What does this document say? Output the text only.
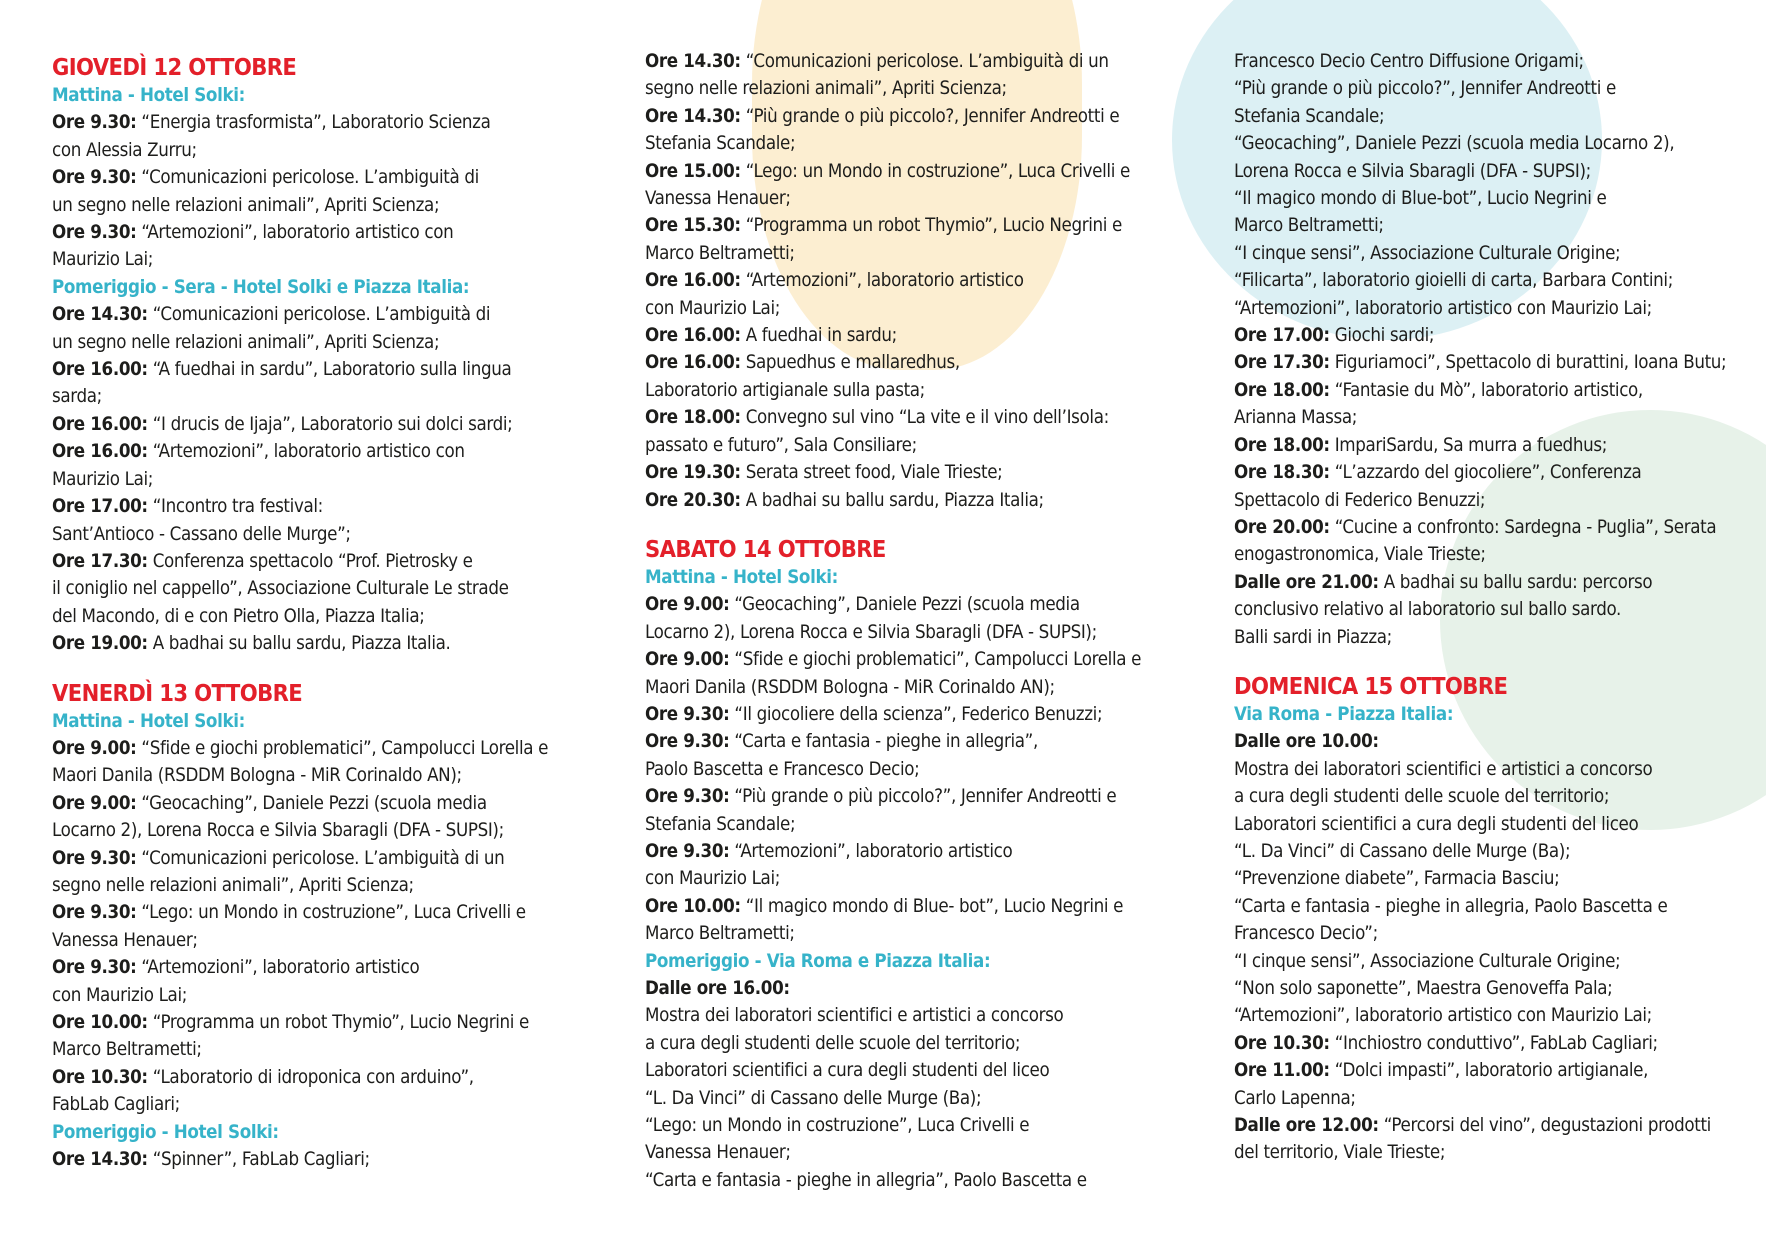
GIOVEDÌ 12 OTTOBRE
Mattina - Hotel Solki:
Ore 9.30: “Energia trasformista”, Laboratorio Scienza
con Alessia Zurru;
Ore 9.30: “Comunicazioni pericolose. L’ambiguità di
un segno nelle relazioni animali”, Apriti Scienza;
Ore 9.30: “Artemozioni”, laboratorio artistico con
Maurizio Lai;
Pomeriggio - Sera - Hotel Solki e Piazza Italia:
Ore 14.30: “Comunicazioni pericolose. L’ambiguità di
un segno nelle relazioni animali”, Apriti Scienza;
Ore 16.00: “A fuedhai in sardu”, Laboratorio sulla lingua
sarda;
Ore 16.00: “I drucis de Ijaja”, Laboratorio sui dolci sardi;
Ore 16.00: “Artemozioni”, laboratorio artistico con
Maurizio Lai;
Ore 17.00: “Incontro tra festival:
Sant’Antioco - Cassano delle Murge”;
Ore 17.30: Conferenza spettacolo “Prof. Pietrosky e
il coniglio nel cappello”, Associazione Culturale Le strade
del Macondo, di e con Pietro Olla, Piazza Italia;
Ore 19.00: A badhai su ballu sardu, Piazza Italia.
VENERDÌ 13 OTTOBRE
Mattina - Hotel Solki:
Ore 9.00: “Sfide e giochi problematici”, Campolucci Lorella e
Maori Danila (RSDDM Bologna - MiR Corinaldo AN);
Ore 9.00: “Geocaching”, Daniele Pezzi (scuola media
Locarno 2), Lorena Rocca e Silvia Sbaragli (DFA - SUPSI);
Ore 9.30: “Comunicazioni pericolose. L’ambiguità di un
segno nelle relazioni animali”, Apriti Scienza;
Ore 9.30: “Lego: un Mondo in costruzione”, Luca Crivelli e
Vanessa Henauer;
Ore 9.30: “Artemozioni”, laboratorio artistico
con Maurizio Lai;
Ore 10.00: “Programma un robot Thymio”, Lucio Negrini e
Marco Beltrametti;
Ore 10.30: “Laboratorio di idroponica con arduino”,
FabLab Cagliari;
Pomeriggio - Hotel Solki:
Ore 14.30: “Spinner”, FabLab Cagliari;
Ore 14.30: “Comunicazioni pericolose. L’ambiguità di un
segno nelle relazioni animali”, Apriti Scienza;
Ore 14.30: “Più grande o più piccolo?, Jennifer Andreotti e
Stefania Scandale;
Ore 15.00: “Lego: un Mondo in costruzione”, Luca Crivelli e
Vanessa Henauer;
Ore 15.30: “Programma un robot Thymio”, Lucio Negrini e
Marco Beltrametti;
Ore 16.00: “Artemozioni”, laboratorio artistico
con Maurizio Lai;
Ore 16.00: A fuedhai in sardu;
Ore 16.00: Sapuedhus e mallaredhus,
Laboratorio artigianale sulla pasta;
Ore 18.00: Convegno sul vino “La vite e il vino dell’Isola:
passato e futuro”, Sala Consiliare;
Ore 19.30: Serata street food, Viale Trieste;
Ore 20.30: A badhai su ballu sardu, Piazza Italia;
SABATO 14 OTTOBRE
Mattina - Hotel Solki:
Ore 9.00: “Geocaching”, Daniele Pezzi (scuola media
Locarno 2), Lorena Rocca e Silvia Sbaragli (DFA - SUPSI);
Ore 9.00: “Sfide e giochi problematici”, Campolucci Lorella e
Maori Danila (RSDDM Bologna - MiR Corinaldo AN);
Ore 9.30: “Il giocoliere della scienza”, Federico Benuzzi;
Ore 9.30: “Carta e fantasia - pieghe in allegria”,
Paolo Bascetta e Francesco Decio;
Ore 9.30: “Più grande o più piccolo?”, Jennifer Andreotti e
Stefania Scandale;
Ore 9.30: “Artemozioni”, laboratorio artistico
con Maurizio Lai;
Ore 10.00: “Il magico mondo di Blue- bot”, Lucio Negrini e
Marco Beltrametti;
Pomeriggio - Via Roma e Piazza Italia:
Dalle ore 16.00:
Mostra dei laboratori scientifici e artistici a concorso
a cura degli studenti delle scuole del territorio;
Laboratori scientifici a cura degli studenti del liceo
“L. Da Vinci” di Cassano delle Murge (Ba);
“Lego: un Mondo in costruzione”, Luca Crivelli e
Vanessa Henauer;
“Carta e fantasia - pieghe in allegria”, Paolo Bascetta e
Francesco Decio Centro Diffusione Origami;
“Più grande o più piccolo?”, Jennifer Andreotti e
Stefania Scandale;
“Geocaching”, Daniele Pezzi (scuola media Locarno 2),
Lorena Rocca e Silvia Sbaragli (DFA - SUPSI);
“Il magico mondo di Blue-bot”, Lucio Negrini e
Marco Beltrametti;
“I cinque sensi”, Associazione Culturale Origine;
“Filicarta”, laboratorio gioielli di carta, Barbara Contini;
“Artemozioni”, laboratorio artistico con Maurizio Lai;
Ore 17.00: Giochi sardi;
Ore 17.30: Figuriamoci”, Spettacolo di burattini, Ioana Butu;
Ore 18.00: “Fantasie du Mò”, laboratorio artistico,
Arianna Massa;
Ore 18.00: ImpariSardu, Sa murra a fuedhus;
Ore 18.30: “L’azzardo del giocoliere”, Conferenza
Spettacolo di Federico Benuzzi;
Ore 20.00: “Cucine a confronto: Sardegna - Puglia”, Serata
enogastronomica, Viale Trieste;
Dalle ore 21.00: A badhai su ballu sardu: percorso
conclusivo relativo al laboratorio sul ballo sardo.
Balli sardi in Piazza;
DOMENICA 15 OTTOBRE
Via Roma - Piazza Italia:
Dalle ore 10.00:
Mostra dei laboratori scientifici e artistici a concorso
a cura degli studenti delle scuole del territorio;
Laboratori scientifici a cura degli studenti del liceo
“L. Da Vinci” di Cassano delle Murge (Ba);
“Prevenzione diabete”, Farmacia Basciu;
“Carta e fantasia - pieghe in allegria, Paolo Bascetta e
Francesco Decio”;
“I cinque sensi”, Associazione Culturale Origine;
“Non solo saponette”, Maestra Genoveffa Pala;
“Artemozioni”, laboratorio artistico con Maurizio Lai;
Ore 10.30: “Inchiostro conduttivo”, FabLab Cagliari;
Ore 11.00: “Dolci impasti”, laboratorio artigianale,
Carlo Lapenna;
Dalle ore 12.00: “Percorsi del vino”, degustazioni prodotti
del territorio, Viale Trieste;
